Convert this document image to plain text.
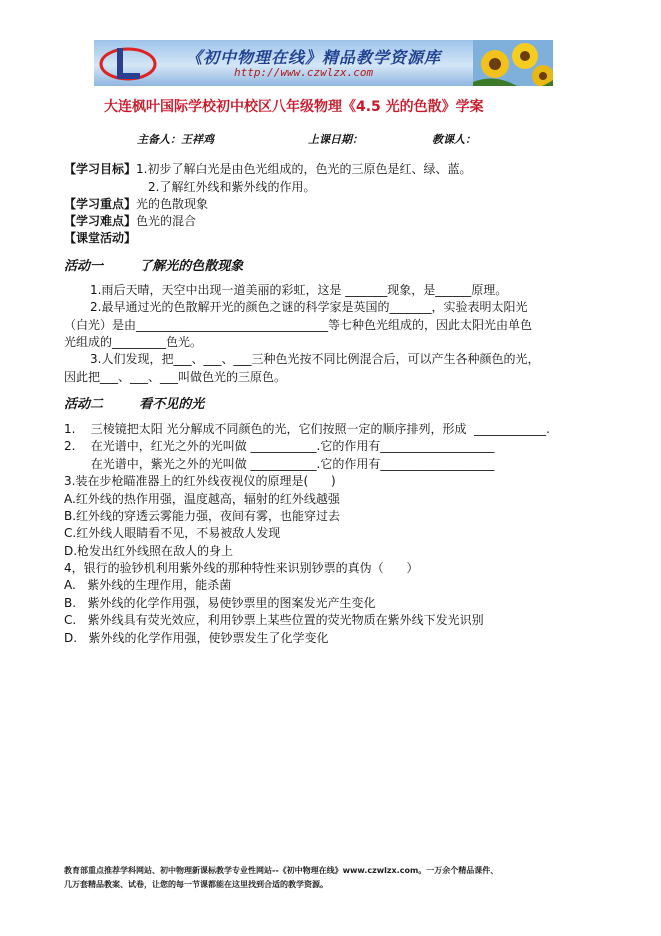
《初中物理在线》精品教学资源库
http://www.czwlzx.com
大连枫叶国际学校初中校区八年级物理《4.5 光的色散》学案
主备人：王祥鸡	上课日期：	教课人：
【学习目标】1.初步了解白光是由色光组成的，色光的三原色是红、绿、蓝。
2.了解红外线和紫外线的作用。
【学习重点】光的色散现象
【学习难点】色光的混合
【课堂活动】
活动一        了解光的色散现象
1.雨后天晴，天空中出现一道美丽的彩虹，这是 _______现象，是______原理。
2.最早通过光的色散解开光的颜色之谜的科学家是英国的_______，实验表明太阳光
（白光）是由________________________________等七种色光组成的，因此太阳光由单色
光组成的_________色光。
3.人们发现，把___、___、___三种色光按不同比例混合后，可以产生各种颜色的光，
因此把___、___、___叫做色光的三原色。
活动二        看不见的光
1.    三棱镜把太阳 光分解成不同颜色的光，它们按照一定的顺序排列，形成  ____________.
2.    在光谱中，红光之外的光叫做 ___________.它的作用有___________________
在光谱中，紫光之外的光叫做 ___________.它的作用有___________________
3.装在步枪瞄准器上的红外线夜视仪的原理是(      )
A.红外线的热作用强，温度越高，辐射的红外线越强
B.红外线的穿透云雾能力强，夜间有雾，也能穿过去
C.红外线人眼睛看不见，不易被敌人发现
D.枪发出红外线照在敌人的身上
4，银行的验钞机利用紫外线的那种特性来识别钞票的真伪（      ）
A.   紫外线的生理作用，能杀菌
B.   紫外线的化学作用强，易使钞票里的图案发光产生变化
C.   紫外线具有荧光效应，利用钞票上某些位置的荧光物质在紫外线下发光识别
D.   紫外线的化学作用强，使钞票发生了化学变化
教育部重点推荐学科网站、初中物理新课标教学专业性网站--《初中物理在线》www.czwlzx.com。一万余个精品课件、
几万套精品教案、试卷，让您的每一节课都能在这里找到合适的教学资源。
